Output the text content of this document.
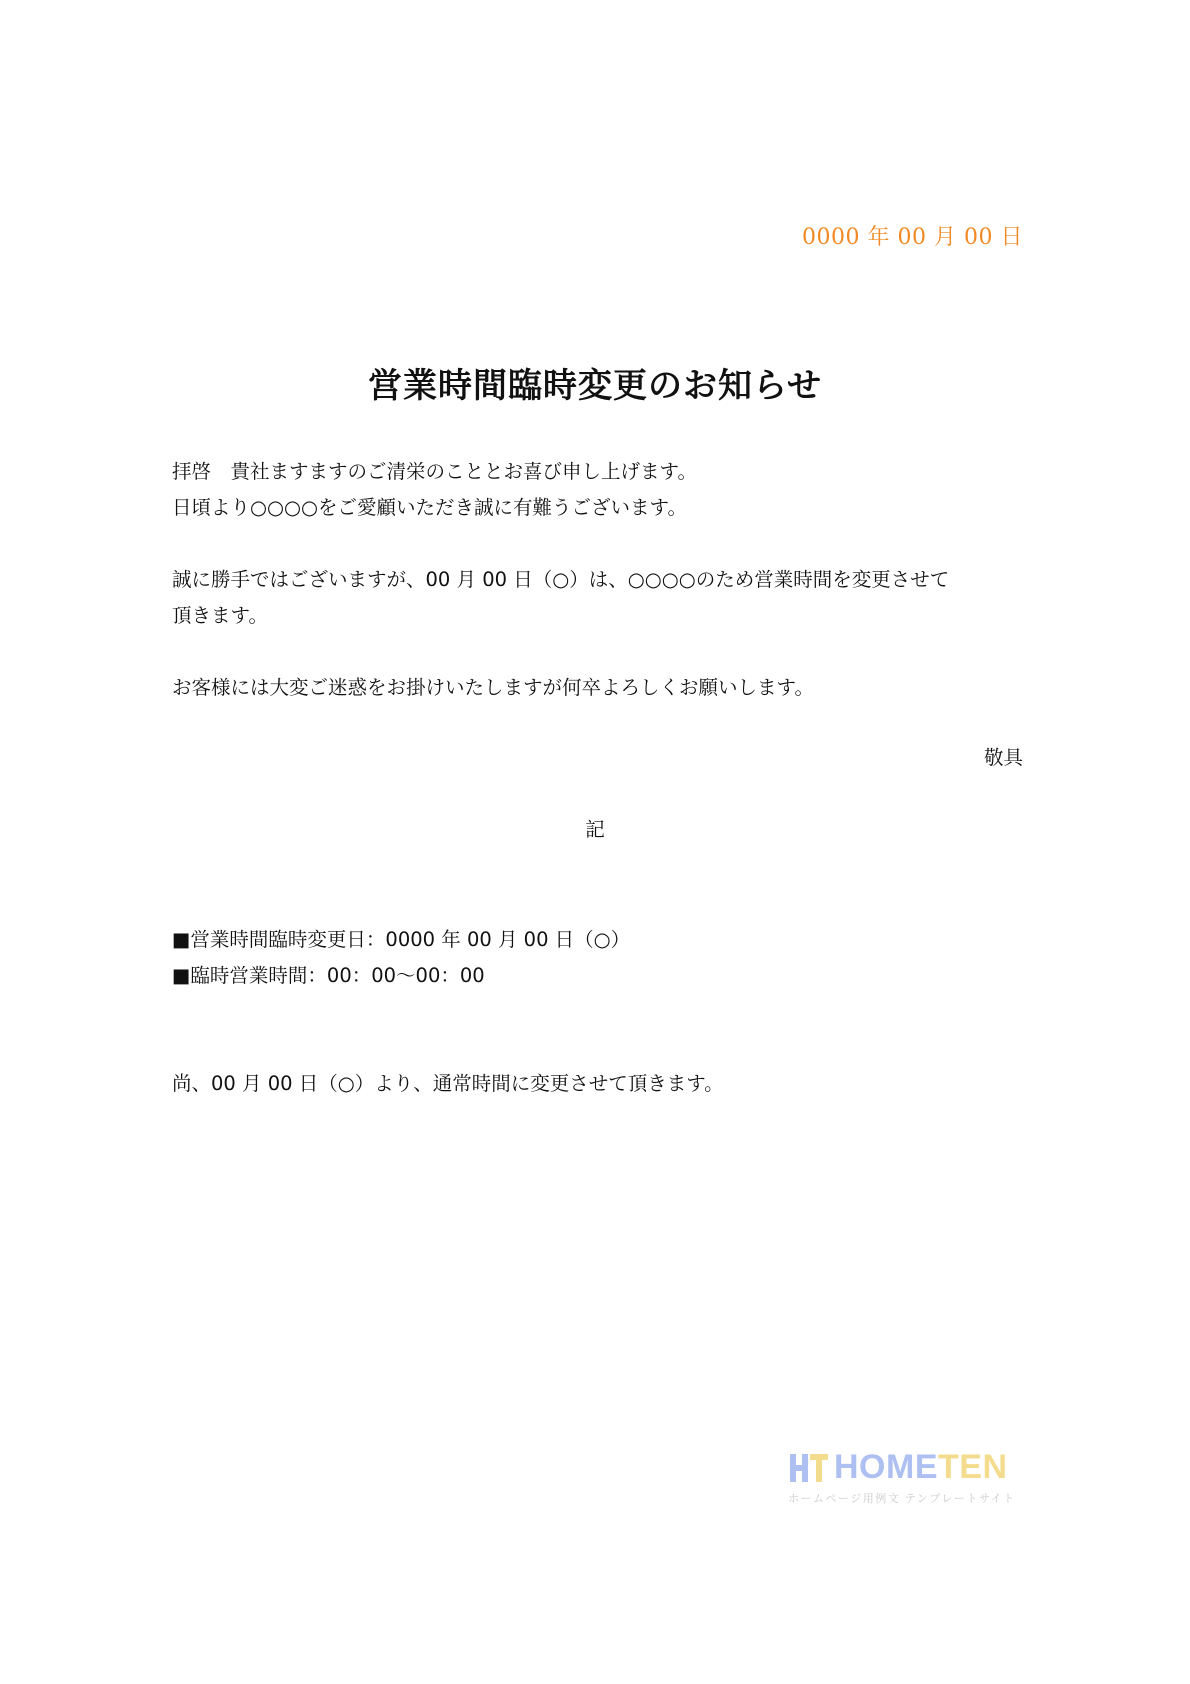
0000 年 00 月 00 日
営業時間臨時変更のお知らせ
拝啓　貴社ますますのご清栄のこととお喜び申し上げます。
日頃より○○○○をご愛顧いただき誠に有難うございます。
誠に勝手ではございますが、00 月 00 日（○）は、○○○○のため営業時間を変更させて
頂きます。
お客様には大変ご迷惑をお掛けいたしますが何卒よろしくお願いします。
敬具
記
■営業時間臨時変更日：0000 年 00 月 00 日（○）
■臨時営業時間：00：00〜00：00
尚、00 月 00 日（○）より、通常時間に変更させて頂きます。
HOMETEN
ホームページ用例文 テンプレートサイト
